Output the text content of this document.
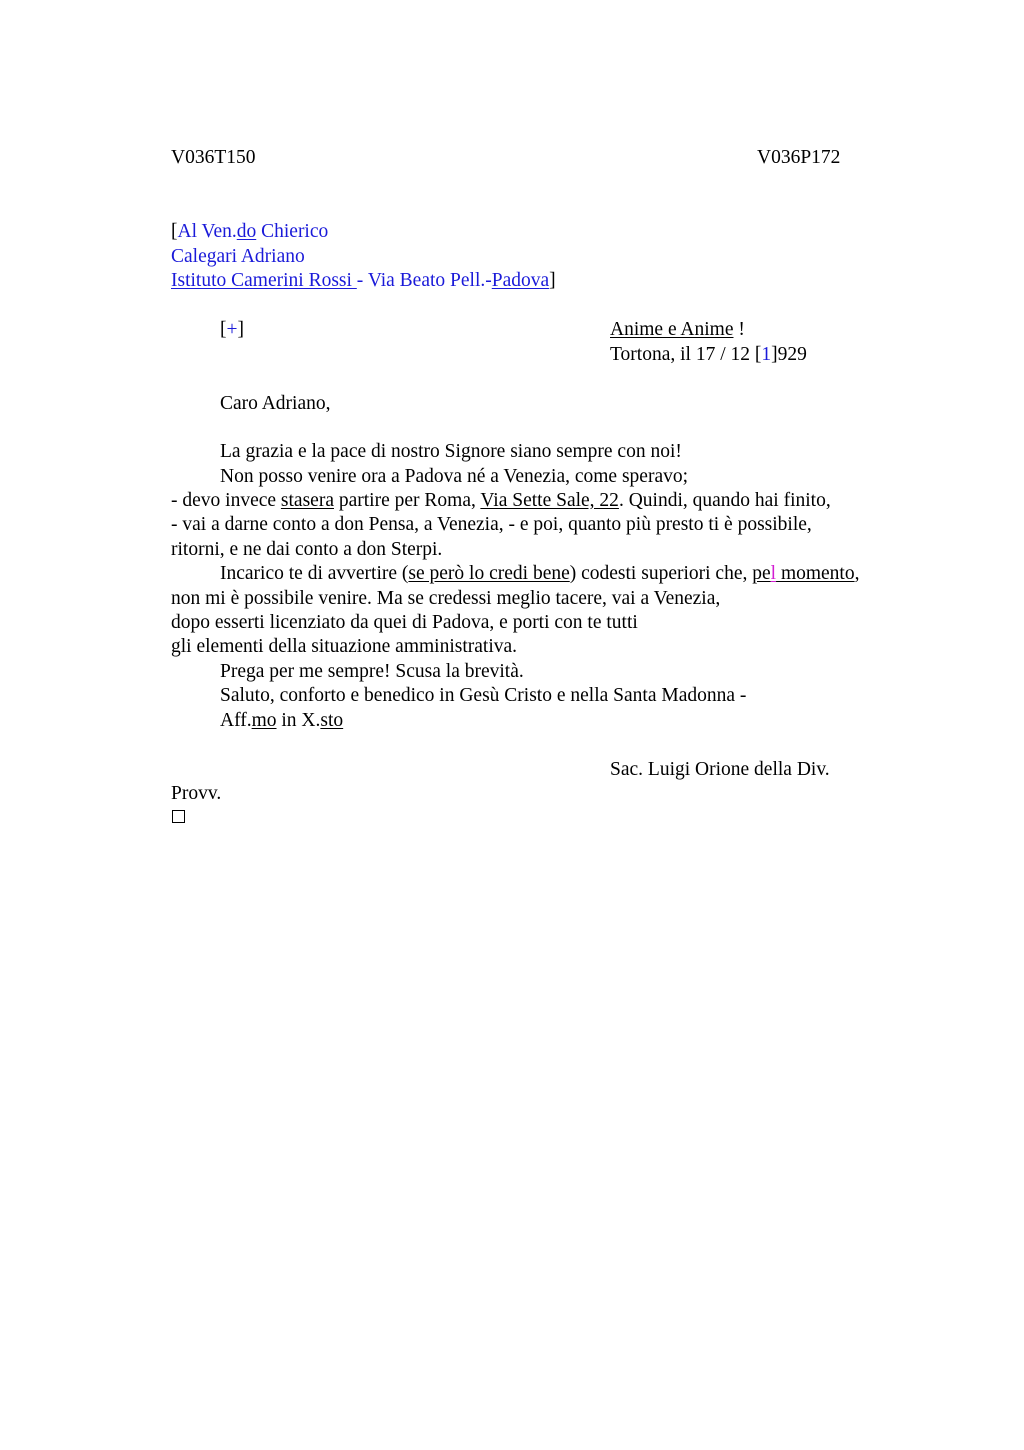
V036T150	V036P172
[Al Ven.do Chierico
Calegari Adriano
Istituto Camerini Rossi - Via Beato Pell.-Padova]
[+]	Anime e Anime !
Tortona, il 17 / 12 [1]929
Caro Adriano,
La grazia e la pace di nostro Signore siano sempre con noi!
Non posso venire ora a Padova né a Venezia, come speravo;
- devo invece stasera partire per Roma, Via Sette Sale, 22. Quindi, quando hai finito,
- vai a darne conto a don Pensa, a Venezia, - e poi, quanto più presto ti è possibile,
ritorni, e ne dai conto a don Sterpi.
Incarico te di avvertire (se però lo credi bene) codesti superiori che, pel momento,
non mi è possibile venire. Ma se credessi meglio tacere, vai a Venezia,
dopo esserti licenziato da quei di Padova, e porti con te tutti
gli elementi della situazione amministrativa.
Prega per me sempre! Scusa la brevità.
Saluto, conforto e benedico in Gesù Cristo e nella Santa Madonna -
Aff.mo in X.sto
Sac. Luigi Orione della Div.
Provv.
